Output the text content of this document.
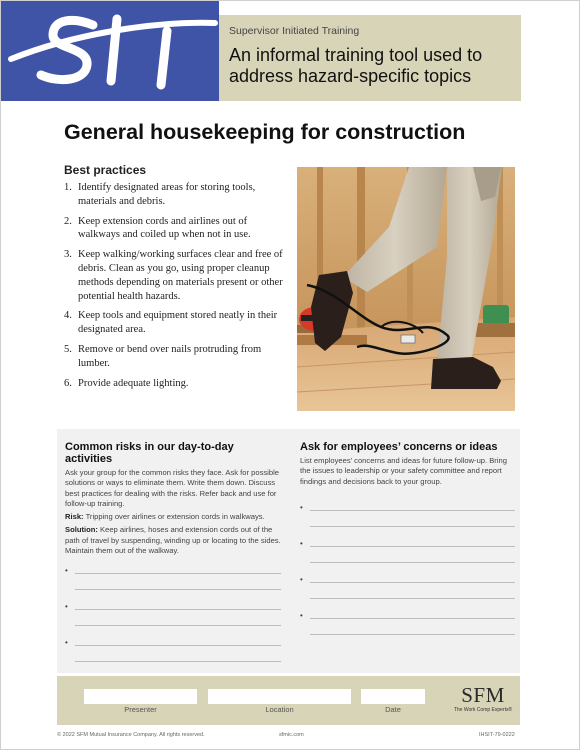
Supervisor Initiated Training
An informal training tool used to address hazard-specific topics
General housekeeping for construction
Best practices
1. Identify designated areas for storing tools, materials and debris.
2. Keep extension cords and airlines out of walkways and coiled up when not in use.
3. Keep walking/working surfaces clear and free of debris. Clean as you go, using proper cleanup methods depending on materials present or other potential health hazards.
4. Keep tools and equipment stored neatly in their designated area.
5. Remove or bend over nails protruding from lumber.
6. Provide adequate lighting.
Common risks in our day-to-day activities

Ask your group for the common risks they face. Ask for possible solutions or ways to eliminate them. Write them down. Discuss best practices for dealing with the risks. Refer back and use for follow-up training.

Risk: Tripping over airlines or extension cords in walkways.

Solution: Keep airlines, hoses and extension cords out of the path of travel by suspending, winding up or locating to the sides. Maintain them out of the walkway.

•
•
•
Ask for employees’ concerns or ideas

List employees’ concerns and ideas for future follow-up. Bring the issues to leadership or your safety committee and report findings and decisions back to your group.

•
•
•
•
Presenter	Location	Date
SFM
The Work Comp Experts®
© 2022 SFM Mutual Insurance Company. All rights reserved.	sfmic.com	IHSIT-79-0222
